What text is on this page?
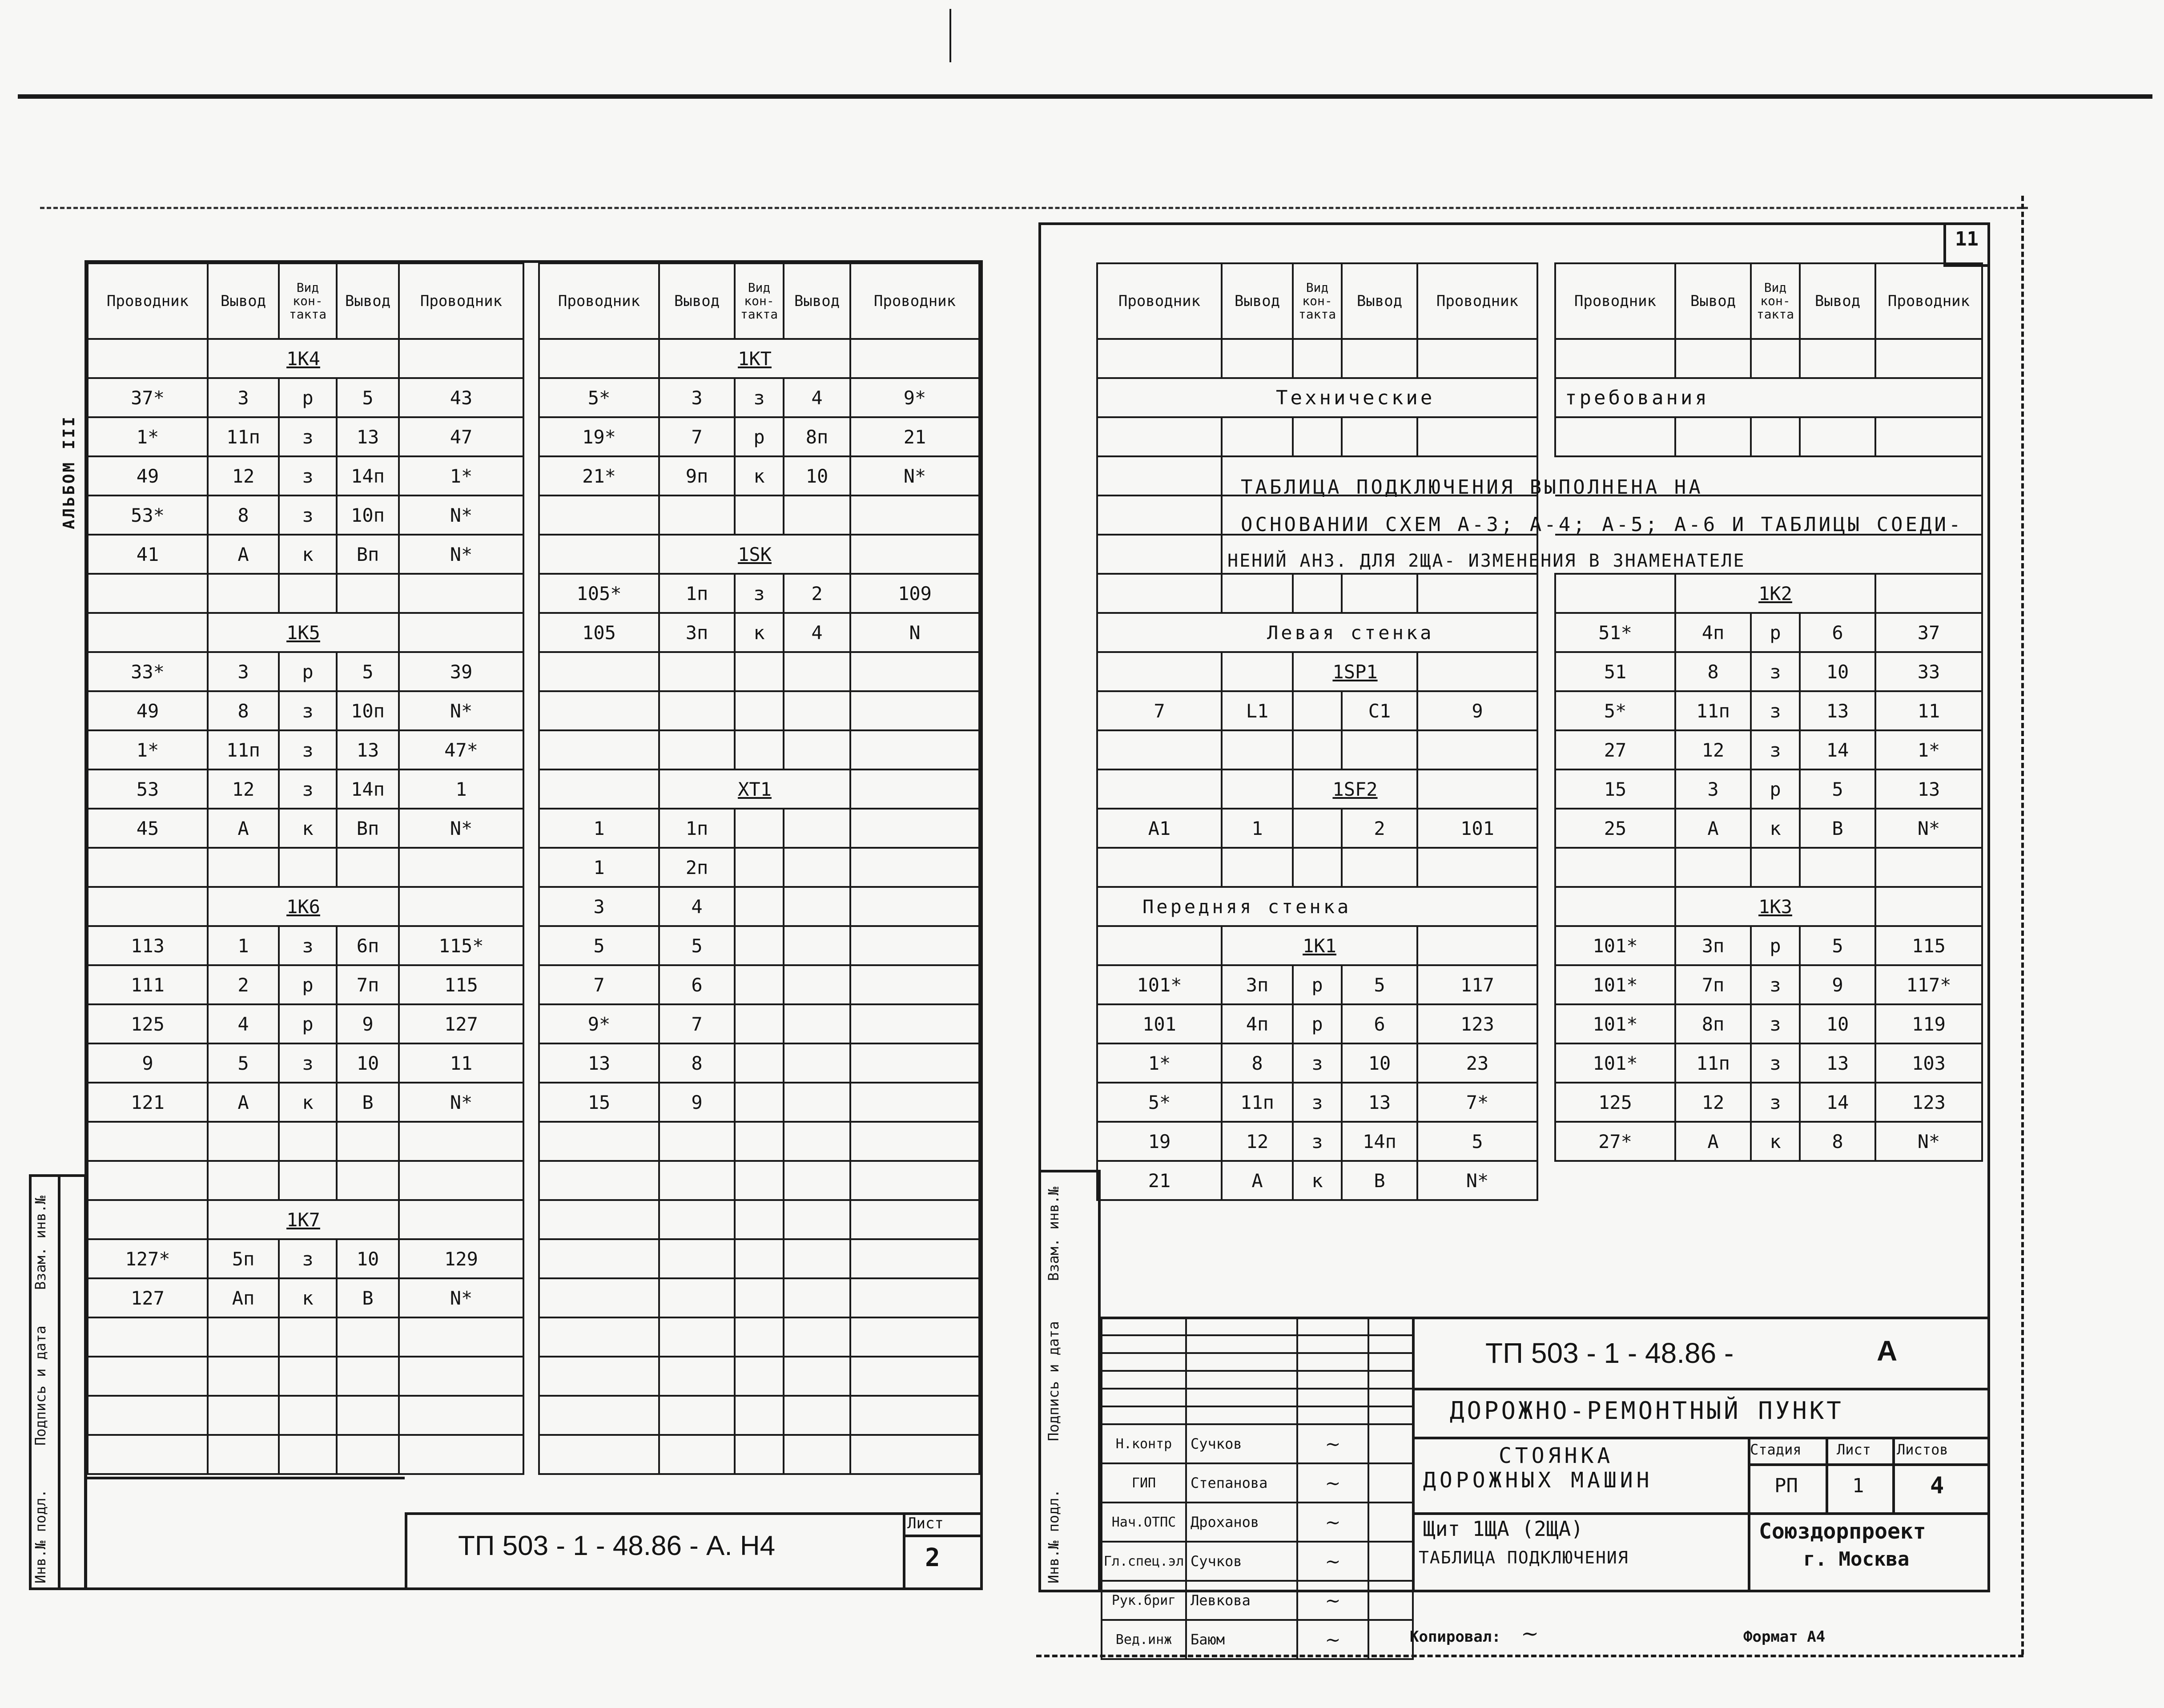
11
АЛЬБОМ III
Проводник	Вывод	Вид кон- такта	Вывод	Проводник
	1К4			
37*	3	р	5	43
1*	11п	з	13	47
49	12	з	14п	1*
53*	8	з	10п	N*
41	А	к	Вп	N*

	1К5			
33*	3	р	5	39
49	8	з	10п	N*
1*	11п	з	13	47*
53	12	з	14п	1
45	А	к	Вп	N*

	1К6			
113	1	з	6п	115*
111	2	р	7п	115
125	4	р	9	127
9	5	з	10	11
121	А	к	В	N*

	1К7			
127*	5п	з	10	129
127	Ап	к	В	N*

Проводник	Вывод	Вид кон- такта	Вывод	Проводник
	1КТ			
5*	3	з	4	9*
19*	7	р	8п	21
21*	9п	к	10	N*

	1SK			
105*	1п	з	2	109
105	3п	к	4	N

	ХТ1			
1	1п			
1	2п			
3	4			
5	5			
7	6			
9*	7			
13	8			
15	9			

ТП 503 - 1 - 48.86 - А. Н4
Лист
2
Инв.№ подл.
Подпись и дата
Взам. инв.№
Проводник	Вывод	Вид кон- такта	Вывод	Проводник

Технические				

Левая стенка				
		1SP1		
7	L1		С1	9

		1SF2		
А1	1		2	101

Передняя стенка				
	1К1			
101*	3п	р	5	117
101	4п	р	6	123
1*	8	з	10	23
5*	11п	з	13	7*
19	12	з	14п	5
21	А	к	В	N*
Проводник	Вывод	Вид кон- такта	Вывод	Проводник

требования				

	1К2			
51*	4п	р	6	37
51	8	з	10	33
5*	11п	з	13	11
27	12	з	14	1*
15	3	р	5	13
25	А	к	В	N*

	1К3			
101*	3п	р	5	115
101*	7п	з	9	117*
101*	8п	з	10	119
101*	11п	з	13	103
125	12	з	14	123
27*	А	к	8	N*
ТАБЛИЦА ПОДКЛЮЧЕНИЯ ВЫПОЛНЕНА НА
ОСНОВАНИИ СХЕМ А-3; А-4; А-5; А-6 И ТАБЛИЦЫ СОЕДИ-
НЕНИЙ АН3. ДЛЯ 2ЩА- ИЗМЕНЕНИЯ В ЗНАМЕНАТЕЛЕ
Инв.№ подл.
Подпись и дата
Взам. инв.№
ТП 503 - 1 - 48.86 -	А
ДОРОЖНО-РЕМОНТНЫЙ ПУНКТ
СТОЯНКА
ДОРОЖНЫХ МАШИН
Стадия Лист Листов
РП	1	4
Щит 1ЩА (2ЩА)
ТАБЛИЦА ПОДКЛЮЧЕНИЯ
Союздорпроект
г. Москва

Н.контр	Сучков	~	
ГИП	Степанова	~	
Нач.ОТПС	Дроханов	~	
Гл.спец.эл	Сучков	~	
Рук.бриг	Левкова	~	
Вед.инж	Баюм	~		Копировал: ~	Формат А4
